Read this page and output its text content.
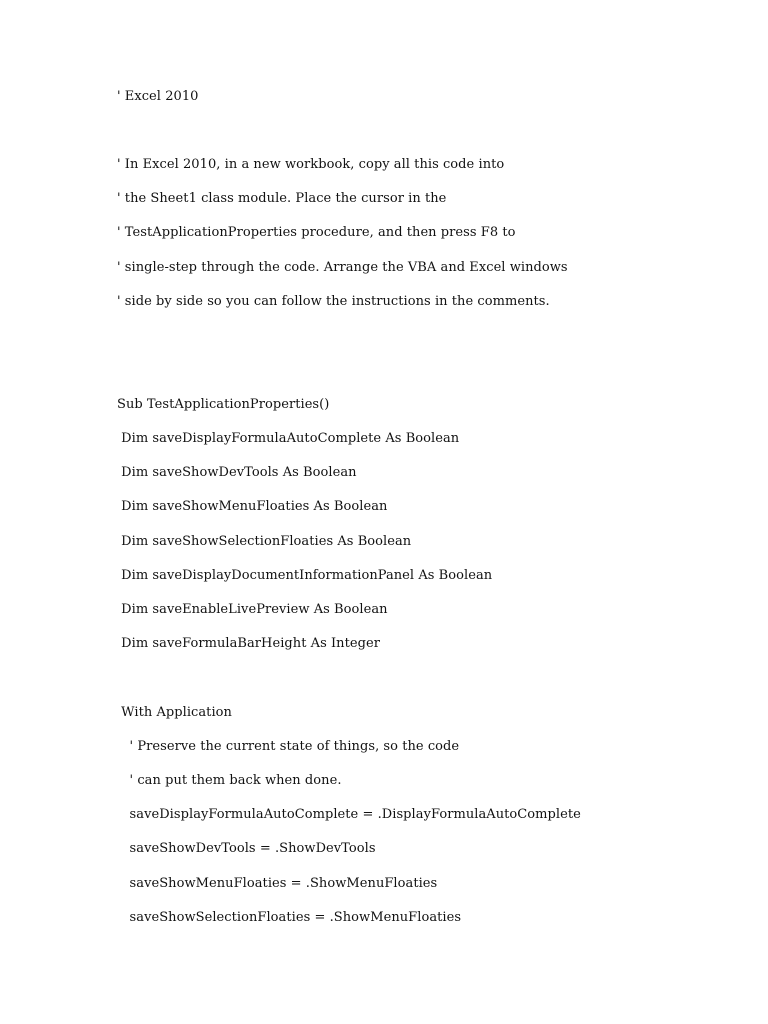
' Excel 2010
' In Excel 2010, in a new workbook, copy all this code into
' the Sheet1 class module. Place the cursor in the
' TestApplicationProperties procedure, and then press F8 to
' single-step through the code. Arrange the VBA and Excel windows
' side by side so you can follow the instructions in the comments.
Sub TestApplicationProperties()
Dim saveDisplayFormulaAutoComplete As Boolean
Dim saveShowDevTools As Boolean
Dim saveShowMenuFloaties As Boolean
Dim saveShowSelectionFloaties As Boolean
Dim saveDisplayDocumentInformationPanel As Boolean
Dim saveEnableLivePreview As Boolean
Dim saveFormulaBarHeight As Integer
With Application
' Preserve the current state of things, so the code
' can put them back when done.
saveDisplayFormulaAutoComplete = .DisplayFormulaAutoComplete
saveShowDevTools = .ShowDevTools
saveShowMenuFloaties = .ShowMenuFloaties
saveShowSelectionFloaties = .ShowMenuFloaties
